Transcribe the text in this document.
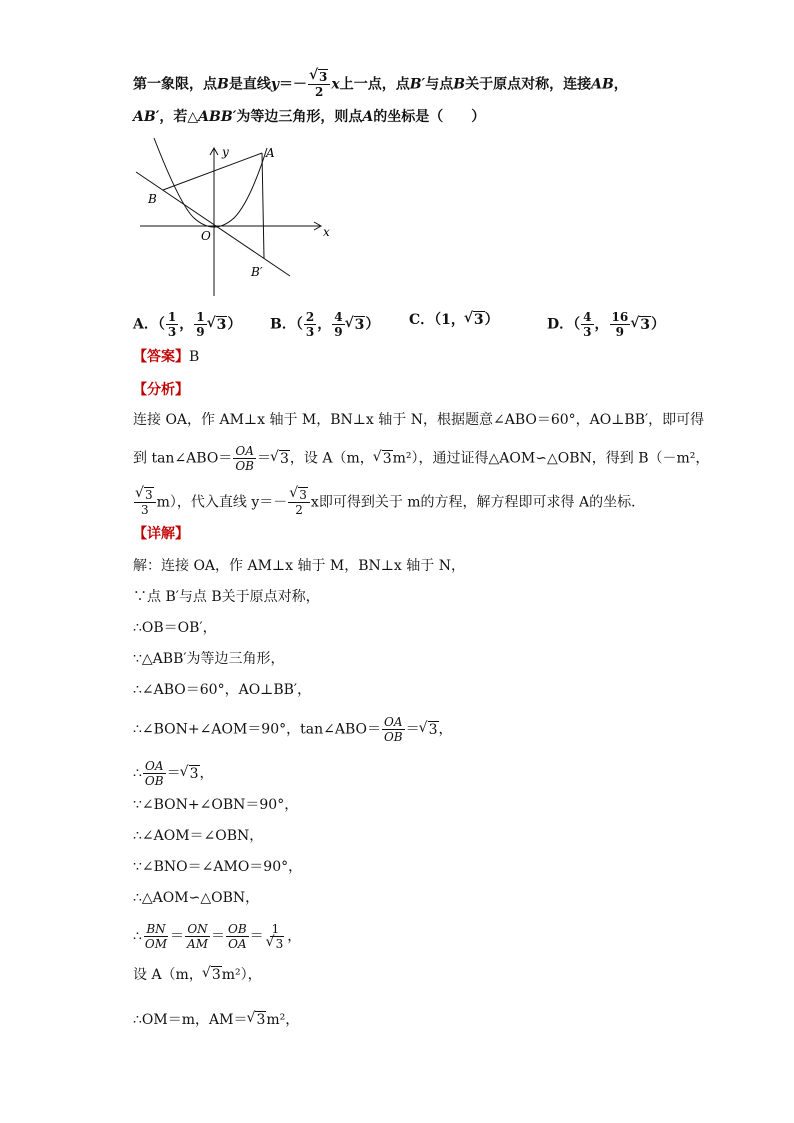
第一象限，点B是直线y＝－ √ $\frac{3}{2}$ x上一点，点B′与点B关于原点对称，连接AB，
AB′，若△ABB′为等边三角形，则点A的坐标是（　　）
y
x
A
B
O
B′
A．（ $\frac{1}{3}$ ， $\frac{1}{9}$ √ 3） B．（ $\frac{2}{3}$ ， $\frac{4}{9}$ √ 3） C．（1， √ 3）	D．（ $\frac{4}{3}$ ， $\frac{16}{9}$ √ 3）
【答案】B
【分析】
连接 OA，作 AM⊥x 轴于 M，BN⊥x 轴于 N，根据题意∠ABO＝60°，AO⊥BB′，即可得
到 tan∠ABO＝ $\frac{OA}{OB}$ ＝ √ 3，设 A（m， √ 3m²），通过证得△AOM∽△OBN，得到 B（－m²，
√ $\frac{3}{3} m$），代入直线 y＝－ √ $\frac{3}{2}$ x即可得到关于 m的方程，解方程即可求得 A的坐标．
【详解】
解：连接 OA，作 AM⊥x 轴于 M，BN⊥x 轴于 N，
∵点 B′与点 B关于原点对称，
∴OB＝OB′，
∵△ABB′为等边三角形，
∴∠ABO＝60°，AO⊥BB′，
∴∠BON+∠AOM＝90°，tan∠ABO＝ $\frac{OA}{OB}$ ＝ √ 3，
∴ $\frac{OA}{OB}$ ＝ √ 3，
∵∠BON+∠OBN＝90°，
∴∠AOM＝∠OBN，
∵∠BNO＝∠AMO＝90°，
∴△AOM∽△OBN，
∴ $\frac{BN}{OM} = \frac{ON}{AM} = \frac{OB}{OA} = 1$
√ 3 ，
设 A（m， √ 3m²），
∴OM＝m，AM＝ √ 3m²，
